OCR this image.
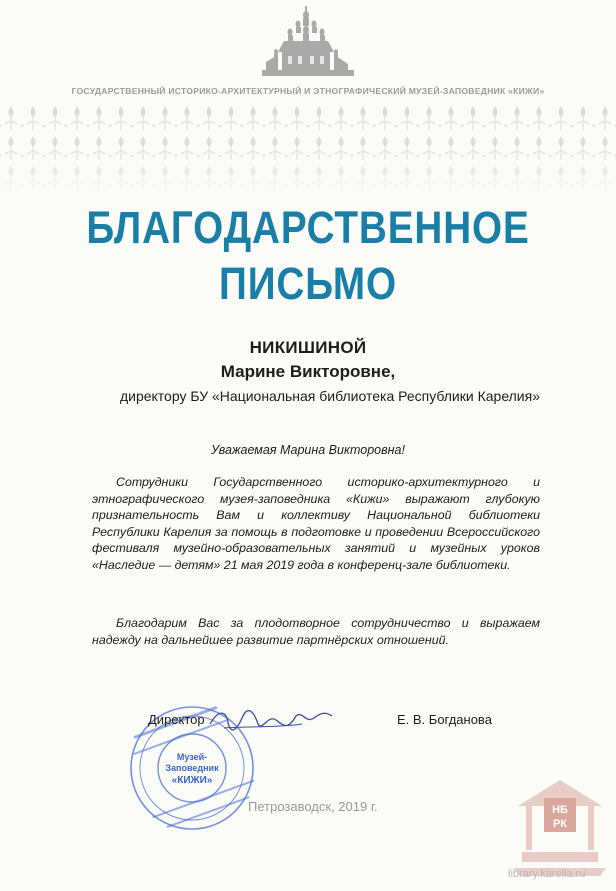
ГОСУДАРСТВЕННЫЙ ИСТОРИКО-АРХИТЕКТУРНЫЙ И ЭТНОГРАФИЧЕСКИЙ МУЗЕЙ-ЗАПОВЕДНИК «КИЖИ»
БЛАГОДАРСТВЕННОЕ
ПИСЬМО
НИКИШИНОЙ
Марине Викторовне,
директору БУ «Национальная библиотека Республики Карелия»
Уважаемая Марина Викторовна!
Сотрудники Государственного историко-архитектурного и этнографического музея-заповедника «Кижи» выражают глубокую признательность Вам и коллективу Национальной библиотеки Республики Карелия за помощь в подготовке и проведении Всероссийского фестиваля музейно-образовательных занятий и музейных уроков «Наследие — детям» 21 мая 2019 года в конференц-зале библиотеки.
Благодарим Вас за плодотворное сотрудничество и выражаем надежду на дальнейшее развитие партнёрских отношений.
Музей-
Заповедник
«КИЖИ»
Директор	Е. В. Богданова
Петрозаводск, 2019 г.	НБ
РК
library.karelia.ru
